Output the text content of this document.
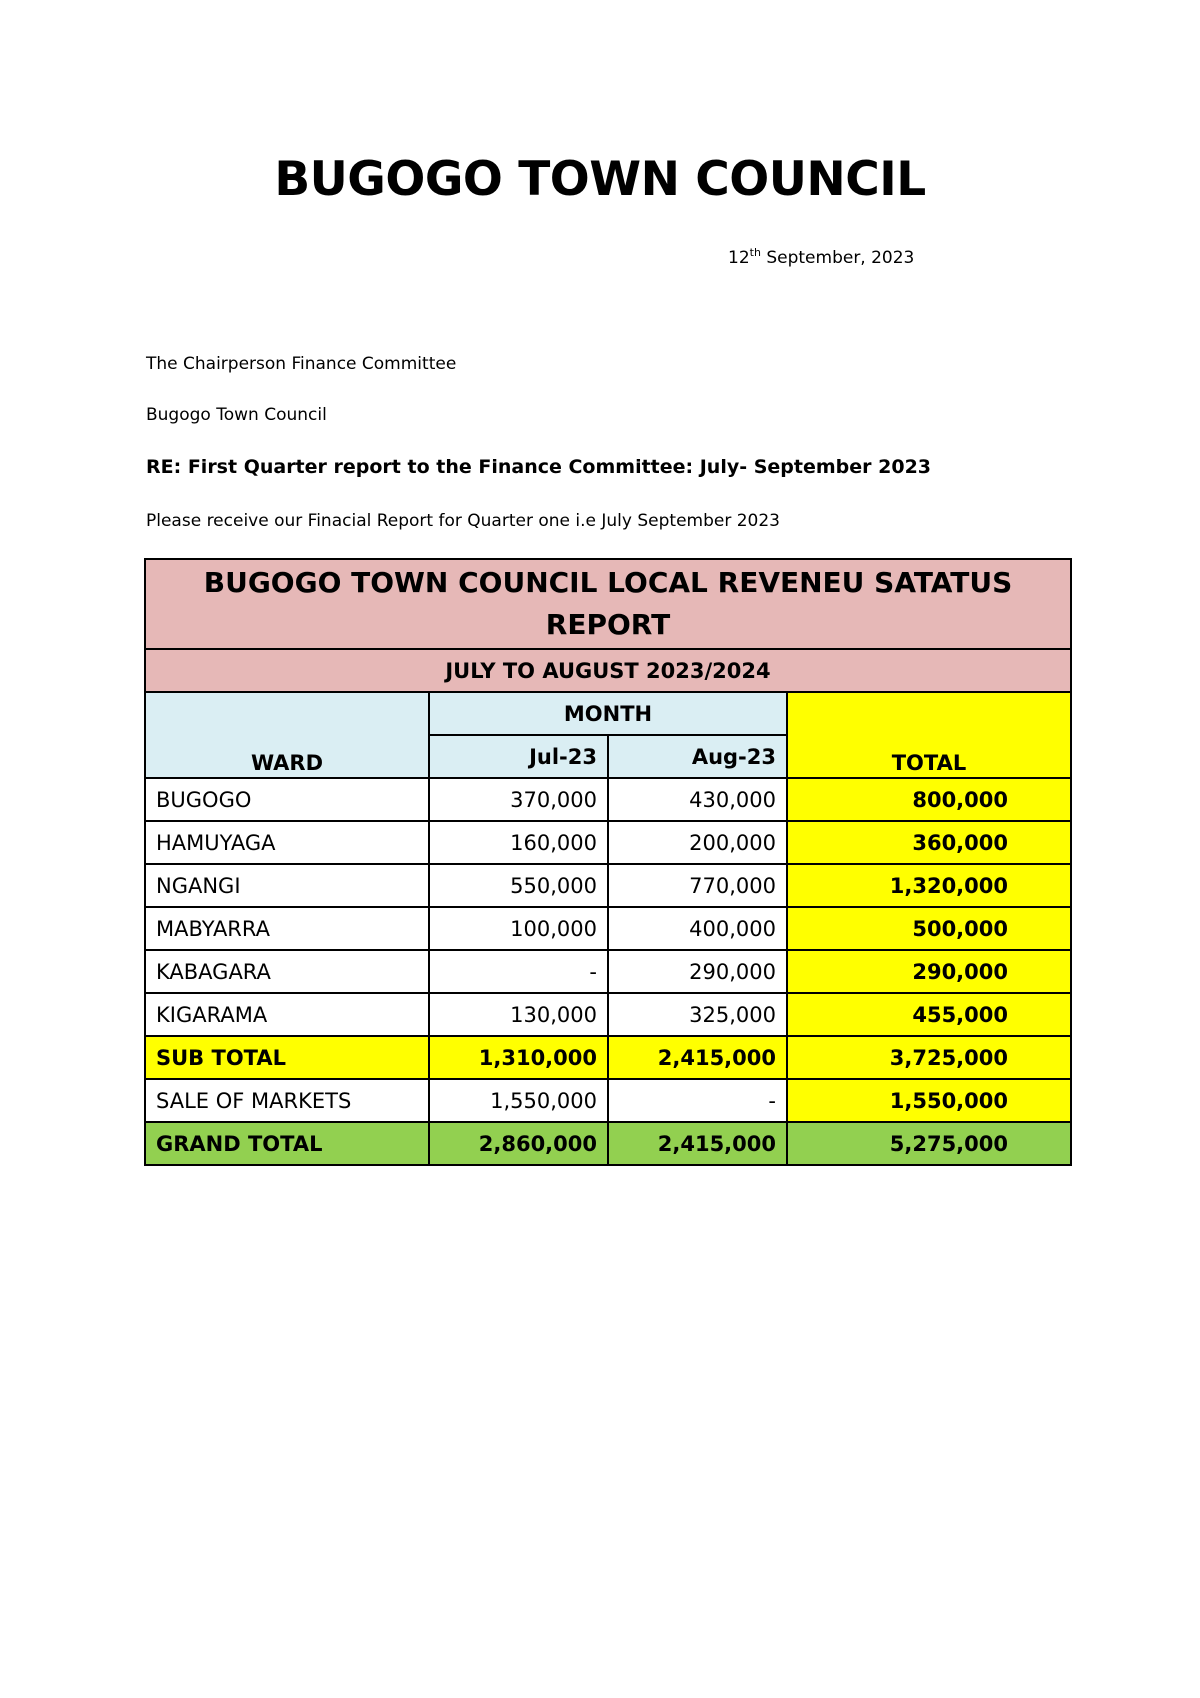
BUGOGO TOWN COUNCIL
12th September, 2023
The Chairperson Finance Committee
Bugogo Town Council
RE: First Quarter report to the Finance Committee: July- September 2023
Please receive our Finacial Report for Quarter one i.e July September 2023
BUGOGO TOWN COUNCIL LOCAL REVENEU SATATUS REPORT			
JULY TO AUGUST 2023/2024			
WARD	MONTH		TOTAL
	Jul-23	Aug-23	
BUGOGO	370,000	430,000	800,000
HAMUYAGA	160,000	200,000	360,000
NGANGI	550,000	770,000	1,320,000
MABYARRA	100,000	400,000	500,000
KABAGARA	-	290,000	290,000
KIGARAMA	130,000	325,000	455,000
SUB TOTAL	1,310,000	2,415,000	3,725,000
SALE OF MARKETS	1,550,000	-	1,550,000
GRAND TOTAL	2,860,000	2,415,000	5,275,000
